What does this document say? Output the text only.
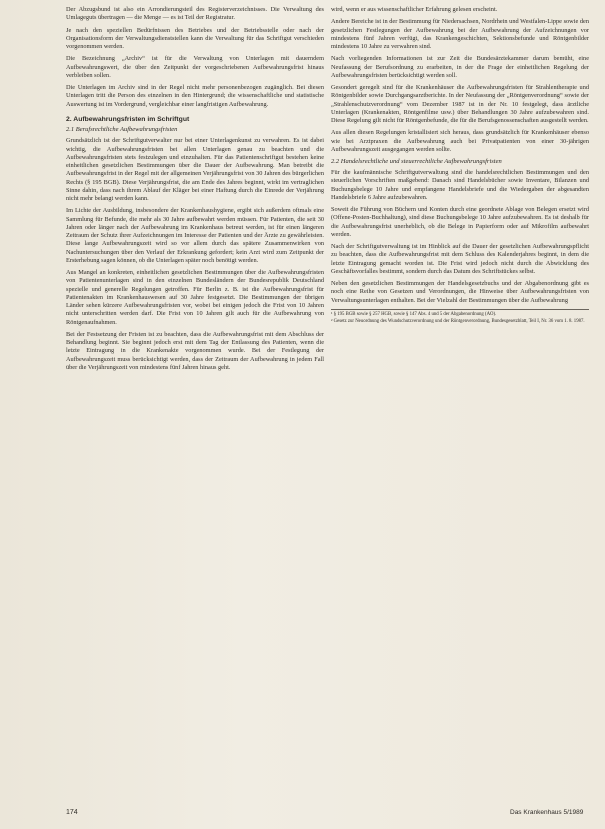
Der Abzugsbund ist also ein Arrondierungsteil des Registerverzeichnisses. Die Verwaltung des Umlageguts übertragen — die Menge — es ist Teil der Registratur.

Je nach den speziellen Bedürfnissen des Betriebes und der Betriebsstelle oder nach der Organisationsform der Verwaltungsdienststellen kann die Verwaltung für das Schriftgut verschieden vorgenommen werden.

Die Bezeichnung „Archiv“ ist für die Verwaltung von Unterlagen mit dauerndem Aufbewahrungswert, die über den Zeitpunkt der vorgeschriebenen Aufbewahrungsfrist hinaus verbleiben sollen.

Die Unterlagen im Archiv sind in der Regel nicht mehr personenbezogen zugänglich. Bei diesen Unterlagen tritt die Person des einzelnen in den Hintergrund; die wissenschaftliche und statistische Auswertung ist im Vordergrund, vergleichbar einer langfristigen Aufbewahrung.

2. Aufbewahrungsfristen im Schriftgut
2.1 Berufsrechtliche Aufbewahrungsfristen

Grundsätzlich ist der Schriftgutverwalter nur bei einer Unterlagenkunst zu verwahren. Es ist dabei wichtig, die Aufbewahrungsfristen bei allen Unterlagen genau zu beachten und die Aufbewahrungsfristen stets festzulegen und einzuhalten. Für das Patientenschriftgut bestehen keine einheitlichen gesetzlichen Bestimmungen über die Dauer der Aufbewahrung. Man betreibt die Aufbewahrungsfrist in der Regel mit der allgemeinen Verjährungsfrist von 30 Jahren des bürgerlichen Rechts (§ 195 BGB). Diese Verjährungsfrist, die am Ende des Jahres beginnt, wirkt im vertraglichen Sinne dahin, dass nach ihrem Ablauf der Kläger bei einer Haftung durch die Einrede der Verjährung nicht mehr belangt werden kann.

Im Lichte der Ausbildung, insbesondere der Krankenhaushygiene, ergibt sich außerdem oftmals eine Sammlung für Befunde, die mehr als 30 Jahre aufbewahrt werden müssen. Für Patienten, die seit 30 Jahren oder länger nach der Aufbewahrung im Krankenhaus betreut werden, ist für einen längeren Zeitraum der Schutz ihrer Aufzeichnungen im Interesse der Patienten und der Ärzte zu gewährleisten. Diese lange Aufbewahrungszeit wird so vor allem durch das spätere Zusammenwirken von Nachuntersuchungen über den Verlauf der Erkrankung gefordert; kein Arzt wird zum Zeitpunkt der Ersterhebung sagen können, ob die Unterlagen später noch benötigt werden.

Aus Mangel an konkreten, einheitlichen gesetzlichen Bestimmungen über die Aufbewahrungsfristen von Patientenunterlagen sind in den einzelnen Bundesländern der Bundesrepublik Deutschland spezielle und generelle Regelungen getroffen. Für Berlin z. B. ist die Aufbewahrungsfrist für Patientenakten im Krankenhauswesen auf 30 Jahre festgesetzt. Die Bestimmungen der übrigen Länder sehen kürzere Aufbewahrungsfristen vor, wobei bei einigen jedoch die Frist von 10 Jahren nicht unterschritten werden darf. Die Frist von 10 Jahren gilt auch für die Aufbewahrung von Röntgenaufnahmen.

Bei der Festsetzung der Fristen ist zu beachten, dass die Aufbewahrungsfrist mit dem Abschluss der Behandlung beginnt. Sie beginnt jedoch erst mit dem Tag der Entlassung des Patienten, wenn die letzte Eintragung in die Krankenakte vorgenommen wurde. Bei der Festlegung der Aufbewahrungszeit muss berücksichtigt werden, dass der Zeitraum der Aufbewahrung in jedem Fall über die Verjährungszeit von mindestens fünf Jahren hinaus geht.

wird, wenn er aus wissenschaftlicher Erfahrung gelesen erscheint.

Andere Bereiche ist in der Bestimmung für Niedersachsen, Nordrhein und Westfalen-Lippe sowie den gesetzlichen Festlegungen der Aufbewahrung bei der Aufbewahrung der Aufzeichnungen vor mindestens fünf Jahren verfügt, das Krankengeschichten, Sektionsbefunde und Röntgenbilder mindestens 10 Jahre zu verwahren sind.

Nach vorliegenden Informationen ist zur Zeit die Bundesärztekammer darum bemüht, eine Neufassung der Berufsordnung zu erarbeiten, in der die Frage der einheitlichen Regelung der Aufbewahrungsfristen berücksichtigt werden soll.

Gesondert geregelt sind für die Krankenhäuser die Aufbewahrungsfristen für Strahlentherapie und Röntgenbilder sowie Durchgangsarztberichte. In der Neufassung der „Röntgenverordnung“ sowie der „Strahlenschutzverordnung“ vom Dezember 1987 ist in der Nr. 10 festgelegt, dass ärztliche Unterlagen (Krankenakten, Röntgenfilme usw.) über Behandlungen 30 Jahre aufzubewahren sind. Diese Regelung gilt nicht für Röntgenbefunde, die für die Berufsgenossenschaften ausgestellt werden.

Aus allen diesen Regelungen kristallisiert sich heraus, dass grundsätzlich für Krankenhäuser ebenso wie bei Arztpraxen die Aufbewahrung auch bei Privatpatienten von einer 30-jährigen Aufbewahrungszeit ausgegangen werden sollte.

2.2 Handelsrechtliche und steuerrechtliche Aufbewahrungsfristen

Für die kaufmännische Schriftgutverwaltung sind die handelsrechtlichen Bestimmungen und den steuerlichen Vorschriften maßgebend: Danach sind Handelsbücher sowie Inventare, Bilanzen und Buchungsbelege 10 Jahre und empfangene Handelsbriefe und die Wiedergaben der abgesandten Handelsbriefe 6 Jahre aufzubewahren.

Soweit die Führung von Büchern und Konten durch eine geordnete Ablage von Belegen ersetzt wird (Offene-Posten-Buchhaltung), sind diese Buchungsbelege 10 Jahre aufzubewahren. Es ist deshalb für die Aufbewahrungsfrist unerheblich, ob die Belege in Papierform oder auf Mikrofilm aufbewahrt werden.

Nach der Schriftgutverwaltung ist im Hinblick auf die Dauer der gesetzlichen Aufbewahrungspflicht zu beachten, dass die Aufbewahrungsfrist mit dem Schluss des Kalenderjahres beginnt, in dem die letzte Eintragung gemacht worden ist. Die Frist wird jedoch nicht durch die Abwicklung des Geschäftsvorfalles bestimmt, sondern durch das Datum des Schriftstückes selbst.

Neben den gesetzlichen Bestimmungen der Handelsgesetzbuchs und der Abgabenordnung gibt es noch eine Reihe von Gesetzen und Verordnungen, die Hinweise über Aufbewahrungsfristen von Verwaltungsunterlagen enthalten. Bei der Vielzahl der Bestimmungen über die Aufbewahrung

¹ § 195 BGB sowie § 257 HGB, sowie § 147 Abs. 4 und 5 der Abgabenordnung (AO).
² Gesetz zur Neuordnung des Wundschutzverordnung und der Röntgenverordnung, Bundesgesetzblatt, Teil I, Nr. 36 vom 1. 8. 1987.
174	Das Krankenhaus 5/1989
